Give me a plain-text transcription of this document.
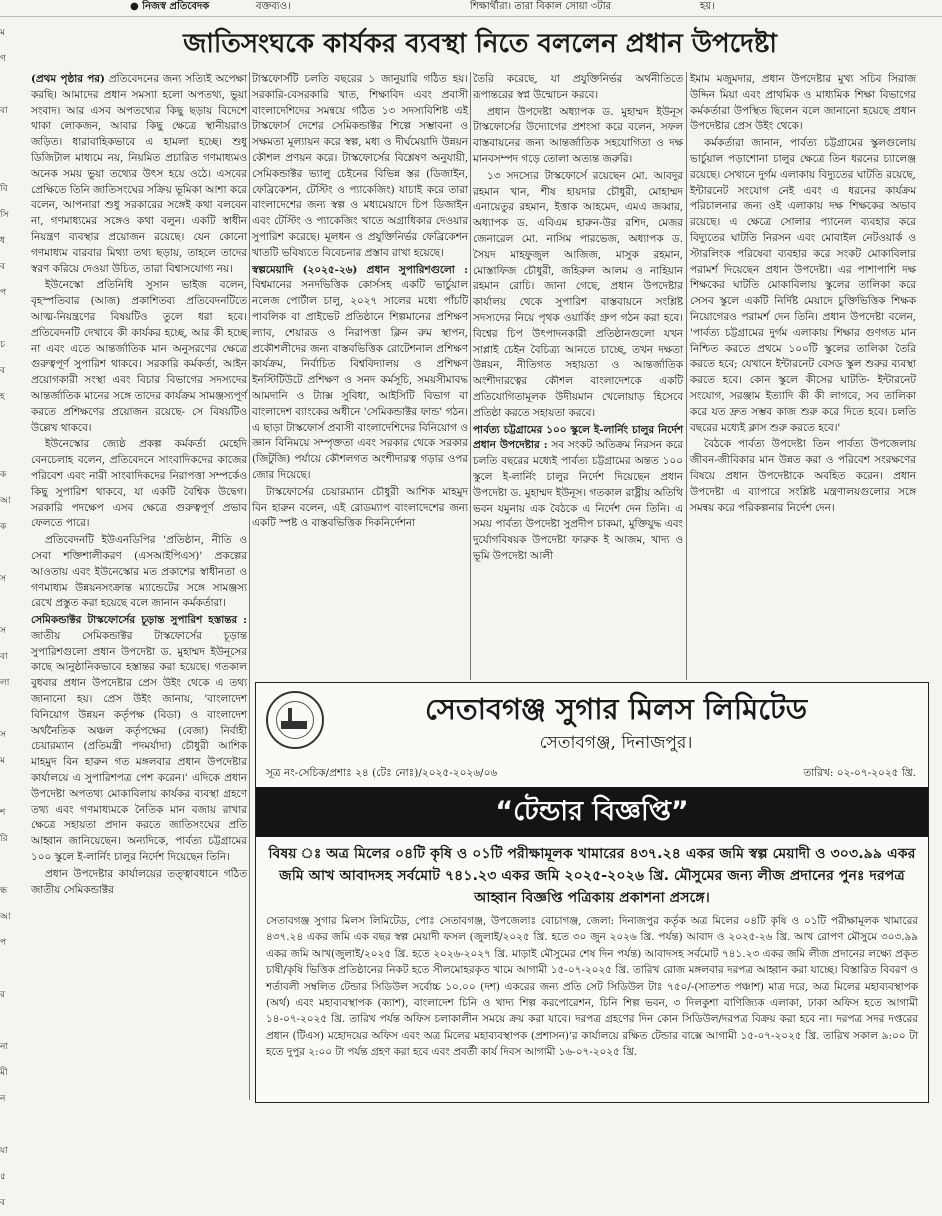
● নিজস্ব প্রতিবেদক	বক্তব্যও।	শিক্ষার্থীরা। তারা বিকাল সোয়া ৩টার	হয়।
ম
গ

বা

বি
সি
ধ
ব
প

চ
ব
হ

ক
আ
ক

স

স
বা
লা

স
ম

শ
রি

ন্ধ
আ
প

র

না
মী
ন

যা
৫
ব
জাতিসংঘকে কার্যকর ব্যবস্থা নিতে বললেন প্রধান উপদেষ্টা

(প্রথম পৃষ্ঠার পর) প্রতিবেদনের জন্য সত্যিই অপেক্ষা করছি। আমাদের প্রধান সমস্যা হলো অপতথ্য, ভুয়া সংবাদ। আর এসব অপতথ্যের কিছু ছড়ায় বিদেশে থাকা লোকজন, আবার কিছু ক্ষেত্রে স্থানীয়রাও জড়িত। ধারাবাহিকভাবে এ হামলা হচ্ছে। শুধু ডিজিটাল মাধ্যমে নয়, নিয়মিত প্রচারিত গণমাধ্যমও অনেক সময় ভুয়া তথ্যের উৎস হয়ে ওঠে। এসবের প্রেক্ষিতে তিনি জাতিসংঘের সক্রিয় ভূমিকা আশা করে বলেন, আপনারা শুধু সরকারের সঙ্গেই কথা বলবেন না, গণমাধ্যমের সঙ্গেও কথা বলুন। একটি স্বাধীন নিয়ন্ত্রণ ব্যবস্থার প্রয়োজন রয়েছে। যেন কোনো গণমাধ্যম বারবার মিথ্যা তথ্য ছড়ায়, তাহলে তাদের স্বরণ করিয়ে দেওয়া উচিত, তারা বিশ্বাসযোগ্য নয়।

ইউনেস্কো প্রতিনিধি সুসান ভাইজ বলেন, বৃহস্পতিবার (আজ) প্রকাশিতব্য প্রতিবেদনটিতে আত্ম-নিয়ন্ত্রণের বিষয়টিও তুলে ধরা হবে। প্রতিবেদনটি দেখাবে কী কার্যকর হচ্ছে, আর কী হচ্ছে না এবং এতে আন্তর্জাতিক মান অনুসরণের ক্ষেত্রে গুরুত্বপূর্ণ সুপারিশ থাকবে। সরকারি কর্মকর্তা, আইন প্রয়োগকারী সংস্থা এবং বিচার বিভাগের সদস্যদের আন্তর্জাতিক মানের সঙ্গে তাদের কার্যক্রম সামঞ্জস্যপূর্ণ করতে প্রশিক্ষণের প্রয়োজন রয়েছে- সে বিষয়টিও উল্লেখ থাকবে।

ইউনেস্কোর জ্যেষ্ঠ প্রকল্প কর্মকর্তা মেহেদি বেনচেলাহ বলেন, প্রতিবেদনে সাংবাদিকদের কাজের পরিবেশ এবং নারী সাংবাদিকদের নিরাপত্তা সম্পর্কেও কিছু সুপারিশ থাকবে, যা একটি বৈশ্বিক উদ্বেগ। সরকারি পদক্ষেপ এসব ক্ষেত্রে গুরুত্বপূর্ণ প্রভাব ফেলতে পারে।

প্রতিবেদনটি ইউএনডিপির 'প্রতিষ্ঠান, নীতি ও সেবা শক্তিশালীকরণ (এসআইপিএস)' প্রকল্পের আওতায় এবং ইউনেস্কোর মত প্রকাশের স্বাধীনতা ও গণমাধ্যম উন্নয়নসংক্রান্ত ম্যান্ডেটের সঙ্গে সামঞ্জস্য রেখে প্রস্তুত করা হয়েছে বলে জানান কর্মকর্তারা।

সেমিকন্ডাক্টর টাস্কফোর্সের চূড়ান্ত সুপারিশ হস্তান্তর : জাতীয় সেমিকন্ডাক্টর টাস্কফোর্সের চূড়ান্ত সুপারিশগুলো প্রধান উপদেষ্টা ড. মুহাম্মদ ইউনূসের কাছে আনুষ্ঠানিকভাবে হস্তান্তর করা হয়েছে। গতকাল বুধবার প্রধান উপদেষ্টার প্রেস উইং থেকে এ তথ্য জানানো হয়। প্রেস উইং জানায়, 'বাংলাদেশ বিনিয়োগ উন্নয়ন কর্তৃপক্ষ (বিডা) ও বাংলাদেশ অর্থনৈতিক অঞ্চল কর্তৃপক্ষের (বেজা) নির্বাহী চেয়ারম্যান (প্রতিমন্ত্রী পদমর্যাদা) চৌধুরী আশিক মাহমুদ বিন হারুন গত মঙ্গলবার প্রধান উপদেষ্টার কার্যালয়ে এ সুপারিশপত্র পেশ করেন।' এদিকে প্রধান উপদেষ্টা অপতথ্য মোকাবিলায় কার্যকর ব্যবস্থা গ্রহণে তথ্য এবং গণমাধ্যমকে নৈতিক মান বজায় রাখার ক্ষেত্রে সহায়তা প্রদান করতে জাতিসংঘের প্রতি আহ্বান জানিয়েছেন। অন্যদিকে, পার্বত্য চট্টগ্রামের ১০০ স্কুলে ই-লার্নিং চালুর নির্দেশ দিয়েছেন তিনি।

প্রধান উপদেষ্টার কার্যালয়ের তত্ত্বাবধানে গঠিত জাতীয় সেমিকন্ডাক্টর

টাস্কফোর্সটি চলতি বছরের ১ জানুয়ারি গঠিত হয়। সরকারি-বেসরকারি খাত, শিক্ষাবিদ এবং প্রবাসী বাংলাদেশিদের সমন্বয়ে গঠিত ১৩ সদস্যবিশিষ্ট এই টাস্কফোর্স দেশের সেমিকন্ডাক্টর শিল্পে সম্ভাবনা ও সক্ষমতা মূল্যায়ন করে স্বল্প, মধ্য ও দীর্ঘমেয়াদি উন্নয়ন কৌশল প্রণয়ন করে। টাস্কফোর্সের বিশ্লেষণ অনুযায়ী, সেমিকন্ডাক্টর ভ্যালু চেইনের বিভিন্ন স্তর (ডিজাইন, ফেব্রিকেশন, টেস্টিং ও প্যাকেজিং) যাচাই করে তারা বাংলাদেশের জন্য স্বল্প ও মধ্যমেয়াদে চিপ ডিজাইন এবং টেস্টিং ও প্যাকেজিং খাতে অগ্রাধিকার দেওয়ার সুপারিশ করেছে। মূলধন ও প্রযুক্তিনির্ভর ফেব্রিকেশন খাতটি ভবিষ্যতে বিবেচনার প্রস্তাব রাখা হয়েছে।

স্বল্পমেয়াদি (২০২৫-২৬) প্রধান সুপারিশগুলো : বিশ্বমানের সনদভিত্তিক কোর্সসহ একটি ভার্চুয়াল নলেজ পোর্টাল চালু, ২০২৭ সালের মধ্যে পাঁচটি পাবলিক বা প্রাইভেট প্রতিষ্ঠানে শিল্পমানের প্রশিক্ষণ ল্যাব, শেয়ারড ও নিরাপত্তা ক্লিন রুম স্থাপন, প্রকৌশলীদের জন্য বাস্তবভিত্তিক রোটেশনাল প্রশিক্ষণ কার্যক্রম, নির্বাচিত বিশ্ববিদ্যালয় ও প্রশিক্ষণ ইনস্টিটিউটে প্রশিক্ষণ ও সনদ কর্মসূচি, সময়সীমাবদ্ধ আমদানি ও ট্যাক্স সুবিধা, আইসিটি বিভাগ বা বাংলাদেশ ব্যাংকের অধীনে 'সেমিকন্ডাক্টর ফান্ড' গঠন। এ ছাড়া টাস্কফোর্স প্রবাসী বাংলাদেশিদের বিনিয়োগ ও জ্ঞান বিনিময়ে সম্পৃক্ততা এবং সরকার থেকে সরকার (জিটুজি) পর্যায়ে কৌশলগত অংশীদারত্ব গড়ার ওপর জোর দিয়েছে।

টাস্কফোর্সের চেয়ারম্যান চৌধুরী আশিক মাহমুদ বিন হারুন বলেন, এই রোডম্যাপ বাংলাদেশের জন্য একটি স্পষ্ট ও বাস্তবভিত্তিক দিকনির্দেশনা

তৈরি করেছে, যা প্রযুক্তিনির্ভর অর্থনীতিতে রূপান্তরের স্বপ্ন উন্মোচন করবে।

প্রধান উপদেষ্টা অধ্যাপক ড. মুহাম্মদ ইউনূস টাস্কফোর্সের উদ্যোগের প্রশংসা করে বলেন, সফল বাস্তবায়নের জন্য আন্তর্জাতিক সহযোগিতা ও দক্ষ মানবসম্পদ গড়ে তোলা অত্যন্ত জরুরি।

১৩ সদস্যের টাস্কফোর্সে রয়েছেন মো. আবদুর রহমান খান, শীষ হায়দার চৌধুরী, মোহাম্মদ এনায়েতুর রহমান, ইত্তাক আহমেদ, এমএ জব্বার, অধ্যাপক ড. এবিএম হারুন-উর রশিদ, মেজর জেনারেল মো. নাসিম পারভেজ, অধ্যাপক ড. সৈয়দ মাহফুজুল আজিজ, মাসুক রহমান, মোস্তাফিজ চৌধুরী, জহিরুল আলম ও নাহিয়ান রহমান রোচি। জানা গেছে, প্রধান উপদেষ্টার কার্যালয় থেকে সুপারিশ বাস্তবায়নে সংশ্লিষ্ট সদস্যদের নিয়ে পৃথক ওয়ার্কিং গ্রুপ গঠন করা হবে। বিশ্বের চিপ উৎপাদনকারী প্রতিষ্ঠানগুলো যখন সাপ্লাই চেইন বৈচিত্র্য আনতে চাচ্ছে, তখন দক্ষতা উন্নয়ন, নীতিগত সহায়তা ও আন্তর্জাতিক অংশীদারত্বের কৌশল বাংলাদেশকে একটি প্রতিযোগিতামূলক উদীয়মান খেলোয়াড় হিসেবে প্রতিষ্ঠা করতে সহায়তা করবে।

পার্বত্য চট্টগ্রামের ১০০ স্কুলে ই-লার্নিং চালুর নির্দেশ প্রধান উপদেষ্টার : সব সংকট অতিক্রম নিরসন করে চলতি বছরের মধ্যেই পার্বত্য চট্টগ্রামের অন্তত ১০০ স্কুলে ই-লার্নিং চালুর নির্দেশ দিয়েছেন প্রধান উপদেষ্টা ড. মুহাম্মদ ইউনূস। গতকাল রাষ্ট্রীয় অতিথি ভবন যমুনায় এক বৈঠকে এ নির্দেশ দেন তিনি। এ সময় পার্বত্য উপদেষ্টা সুপ্রদীপ চাকমা, মুক্তিযুদ্ধ এবং দুর্যোগবিষয়ক উপদেষ্টা ফারুক ই আজম, খাদ্য ও ভূমি উপদেষ্টা আলী

ইমাম মজুমদার, প্রধান উপদেষ্টার মুখ্য সচিব সিরাজ উদ্দিন মিয়া এবং প্রাথমিক ও মাধ্যমিক শিক্ষা বিভাগের কর্মকর্তারা উপস্থিত ছিলেন বলে জানানো হয়েছে প্রধান উপদেষ্টার প্রেস উইং থেকে।

কর্মকর্তারা জানান, পার্বত্য চট্টগ্রামের স্কুলগুলোয় ভার্চুয়াল পড়াশোনা চালুর ক্ষেত্রে তিন ধরনের চ্যালেঞ্জ রয়েছে। সেখানে দুর্গম এলাকায় বিদ্যুতের ঘাটতি রয়েছে, ইন্টারনেট সংযোগ নেই এবং এ ধরনের কার্যক্রম পরিচালনার জন্য ওই এলাকায় দক্ষ শিক্ষকের অভাব রয়েছে। এ ক্ষেত্রে সোলার প্যানেল ব্যবহার করে বিদ্যুতের ঘাটতি নিরসন এবং মোবাইল নেটওয়ার্ক ও স্টারলিংক পরিষেবা ব্যবহার করে সংকট মোকাবিলার পরামর্শ দিয়েছেন প্রধান উপদেষ্টা। এর পাশাপাশি দক্ষ শিক্ষকের ঘাটতি মোকাবিলায় স্কুলের তালিকা করে সেসব স্কুলে একটি নির্দিষ্ট মেয়াদে চুক্তিভিত্তিক শিক্ষক নিয়োগেরও পরামর্শ দেন তিনি। প্রধান উপদেষ্টা বলেন, 'পার্বত্য চট্টগ্রামের দুর্গম এলাকায় শিক্ষার গুণগত মান নিশ্চিত করতে প্রথমে ১০০টি স্কুলের তালিকা তৈরি করতে হবে; যেখানে ইন্টারনেট বেসড স্কুল শুরুর ব্যবস্থা করতে হবে। কোন স্কুলে কীসের ঘাটতি- ইন্টারনেট সংযোগ, সরঞ্জাম ইত্যাদি কী কী লাগবে, সব তালিকা করে যত দ্রুত সম্ভব কাজ শুরু করে দিতে হবে। চলতি বছরের মধ্যেই ক্লাস শুরু করতে হবে।'

বৈঠকে পার্বত্য উপদেষ্টা তিন পার্বত্য উপজেলায় জীবন-জীবিকার মান উন্নত করা ও পরিবেশ সংরক্ষণের বিষয়ে প্রধান উপদেষ্টাকে অবহিত করেন। প্রধান উপদেষ্টা এ ব্যাপারে সংশ্লিষ্ট মন্ত্রণালয়গুলোর সঙ্গে সমন্বয় করে পরিকল্পনার নির্দেশ দেন।

সেতাবগঞ্জ সুগার মিলস লিমিটেড
সেতাবগঞ্জ, দিনাজপুর।
সূত্র নং-সেচিক/প্রশাঃ ২৪ (টেঃ নোঃ)/২০২৫-২০২৬/০৬	তারিখ: ০২-০৭-২০২৫ খ্রি.
“টেন্ডার বিজ্ঞপ্তি”
বিষয় ঃ অত্র মিলের ০৪টি কৃষি ও ০১টি পরীক্ষামূলক খামারের ৪৩৭.২৪ একর জমি স্বল্প মেয়াদী ও ৩০৩.৯৯ একর জমি আখ আবাদসহ সর্বমোট ৭৪১.২৩ একর জমি ২০২৫-২০২৬ খ্রি. মৌসুমের জন্য লীজ প্রদানের পুনঃ দরপত্র আহ্বান বিজ্ঞপ্তি পত্রিকায় প্রকাশনা প্রসঙ্গে।
সেতাবগঞ্জ সুগার মিলস লিমিটেড, পোঃ সেতাবগঞ্জ, উপজেলাঃ বোচাগঞ্জ, জেলা: দিনাজপুর কর্তৃক অত্র মিলের ০৪টি কৃষি ও ০১টি পরীক্ষামূলক খামারের ৪৩৭.২৪ একর জমি এক বছর স্বল্প মেয়াদী ফসল (জুলাই/২০২৫ খ্রি. হতে ৩০ জুন ২০২৬ খ্রি. পর্যন্ত) আবাদ ও ২০২৫-২৬ খ্রি. আখ রোপণ মৌসুমে ৩০৩.৯৯ একর জমি আখ(জুলাই/২০২৫ খ্রি. হতে ২০২৬-২০২৭ খ্রি. মাড়াই মৌসুমের শেষ দিন পর্যন্ত) আবাদসহ সর্বমোট ৭৪১.২৩ একর জমি লীজ প্রদানের লক্ষ্যে প্রকৃত চাষী/কৃষি ভিত্তিক প্রতিষ্ঠানের নিকট হতে সীলমোহরকৃত খামে আগামী ১৫-০৭-২০২৫ খ্রি. তারিখ রোজ মঙ্গলবার দরপত্র আহ্বান করা যাচ্ছে। বিস্তারিত বিবরণ ও শর্তাবলী সম্বলিত টেন্ডার সিডিউল সর্বোচ্চ ১০.০০ (দশ) একরের জন্য প্রতি সেট সিডিউল টাঃ ৭৫০/-(সাতশত পঞ্চাশ) মাত্র দরে, অত্র মিলের মহাব্যবস্থাপক (অর্থ) এবং মহাব্যবস্থাপক (ক্যাশ), বাংলাদেশ চিনি ও খাদ্য শিল্প করপোরেশন, চিনি শিল্প ভবন, ৩ দিলকুশা বাণিজ্যিক এলাকা, ঢাকা অফিস হতে আগামী ১৪-০৭-২০২৫ খ্রি. তারিখ পর্যন্ত অফিস চলাকালীন সময়ে ক্রয় করা যাবে। দরপত্র গ্রহণের দিন কোন সিডিউল/দরপত্র বিক্রয় করা হবে না। দরপত্র সদর দপ্তরের প্রধান (টিএস) মহোদয়ের অফিস এবং অত্র মিলের মহাব্যবস্থাপক (প্রশাসন)'র কার্যালয়ে রক্ষিত টেন্ডার বাক্সে আগামী ১৫-০৭-২০২৫ খ্রি. তারিখ সকাল ৯:০০ টা হতে দুপুর ২:০০ টা পর্যন্ত গ্রহণ করা হবে এবং প্রবর্তী কার্য দিবস আগামী ১৬-০৭-২০২৫ খ্রি.
